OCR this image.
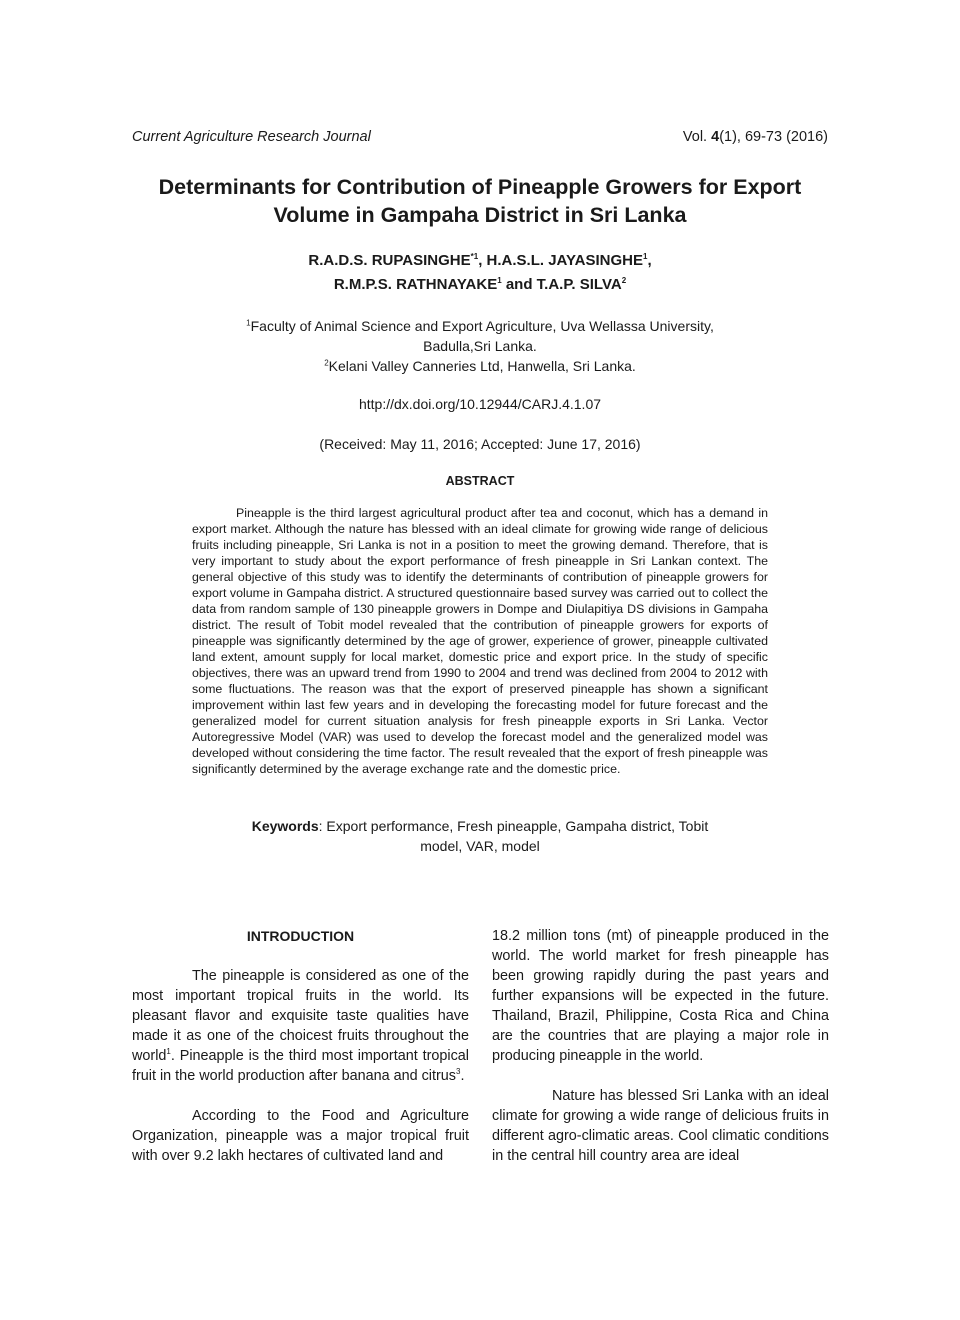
Current Agriculture Research Journal	Vol. 4(1), 69-73 (2016)
Determinants for Contribution of Pineapple Growers for Export Volume in Gampaha District in Sri Lanka
R.A.D.S. RUPASINGHE$^{*1}$, H.A.S.L. JAYASINGHE$^1$,
R.M.P.S. RATHNAYAKE$^1$ and T.A.P. SILVA$^2$
$^1$Faculty of Animal Science and Export Agriculture, Uva Wellassa University, Badulla,Sri Lanka.
$^2$Kelani Valley Canneries Ltd, Hanwella, Sri Lanka.
http://dx.doi.org/10.12944/CARJ.4.1.07
(Received: May 11, 2016; Accepted: June 17, 2016)
ABSTRACT

Pineapple is the third largest agricultural product after tea and coconut, which has a demand in export market. Although the nature has blessed with an ideal climate for growing wide range of delicious fruits including pineapple, Sri Lanka is not in a position to meet the growing demand. Therefore, that is very important to study about the export performance of fresh pineapple in Sri Lankan context. The general objective of this study was to identify the determinants of contribution of pineapple growers for export volume in Gampaha district. A structured questionnaire based survey was carried out to collect the data from random sample of 130 pineapple growers in Dompe and Diulapitiya DS divisions in Gampaha district. The result of Tobit model revealed that the contribution of pineapple growers for exports of pineapple was significantly determined by the age of grower, experience of grower, pineapple cultivated land extent, amount supply for local market, domestic price and export price. In the study of specific objectives, there was an upward trend from 1990 to 2004 and trend was declined from 2004 to 2012 with some fluctuations. The reason was that the export of preserved pineapple has shown a significant improvement within last few years and in developing the forecasting model for future forecast and the generalized model for current situation analysis for fresh pineapple exports in Sri Lanka. Vector Autoregressive Model (VAR) was used to develop the forecast model and the generalized model was developed without considering the time factor. The result revealed that the export of fresh pineapple was significantly determined by the average exchange rate and the domestic price.

Keywords: Export performance, Fresh pineapple, Gampaha district, Tobit model, VAR, model
INTRODUCTION

The pineapple is considered as one of the most important tropical fruits in the world. Its pleasant flavor and exquisite taste qualities have made it as one of the choicest fruits throughout the world$^1$. Pineapple is the third most important tropical fruit in the world production after banana and citrus$^3$.

According to the Food and Agriculture Organization, pineapple was a major tropical fruit with over 9.2 lakh hectares of cultivated land and

18.2 million tons (mt) of pineapple produced in the world. The world market for fresh pineapple has been growing rapidly during the past years and further expansions will be expected in the future. Thailand, Brazil, Philippine, Costa Rica and China are the countries that are playing a major role in producing pineapple in the world.

Nature has blessed Sri Lanka with an ideal climate for growing a wide range of delicious fruits in different agro-climatic areas. Cool climatic conditions in the central hill country area are ideal
